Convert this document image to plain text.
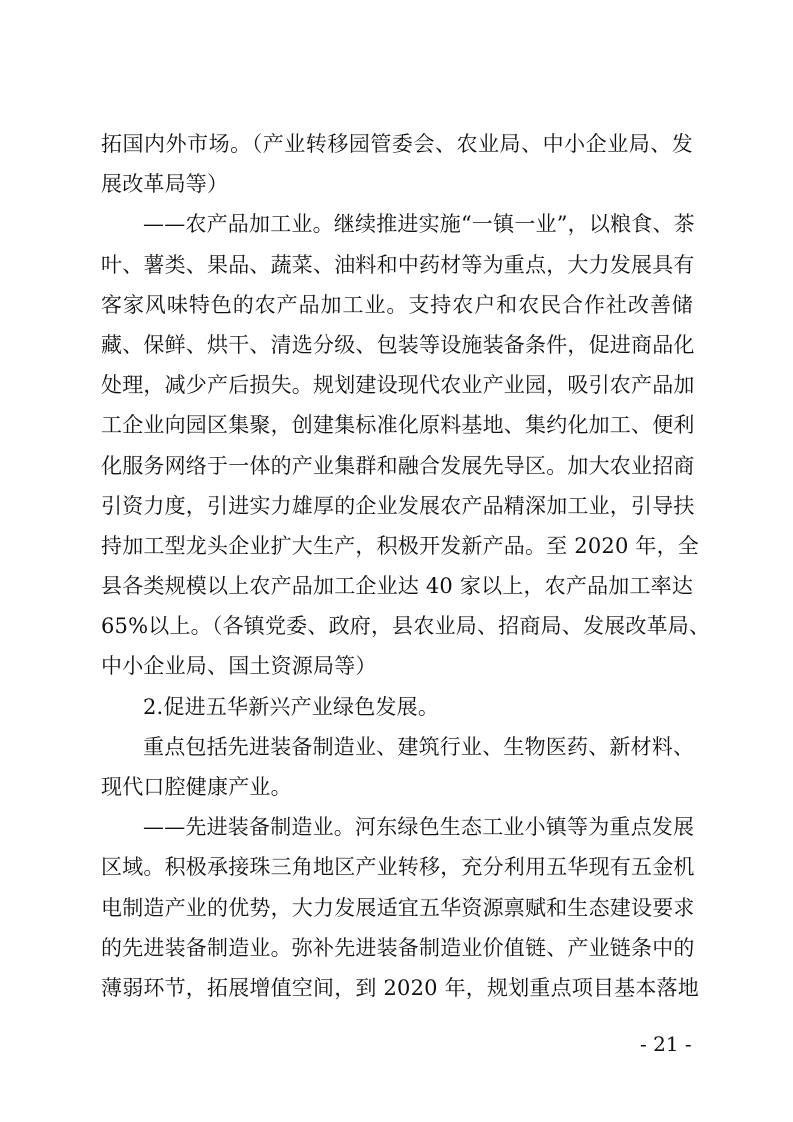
拓国内外市场。（产业转移园管委会、农业局、中小企业局、发
展改革局等）
——农产品加工业。继续推进实施“一镇一业”，以粮食、茶
叶、薯类、果品、蔬菜、油料和中药材等为重点，大力发展具有
客家风味特色的农产品加工业。支持农户和农民合作社改善储
藏、保鲜、烘干、清选分级、包装等设施装备条件，促进商品化
处理，减少产后损失。规划建设现代农业产业园，吸引农产品加
工企业向园区集聚，创建集标准化原料基地、集约化加工、便利
化服务网络于一体的产业集群和融合发展先导区。加大农业招商
引资力度，引进实力雄厚的企业发展农产品精深加工业，引导扶
持加工型龙头企业扩大生产，积极开发新产品。至 2020 年，全
县各类规模以上农产品加工企业达 40 家以上，农产品加工率达
65%以上。（各镇党委、政府，县农业局、招商局、发展改革局、
中小企业局、国土资源局等）
2.促进五华新兴产业绿色发展。
重点包括先进装备制造业、建筑行业、生物医药、新材料、
现代口腔健康产业。
——先进装备制造业。河东绿色生态工业小镇等为重点发展
区域。积极承接珠三角地区产业转移，充分利用五华现有五金机
电制造产业的优势，大力发展适宜五华资源禀赋和生态建设要求
的先进装备制造业。弥补先进装备制造业价值链、产业链条中的
薄弱环节，拓展增值空间，到 2020 年，规划重点项目基本落地
- 21 -
